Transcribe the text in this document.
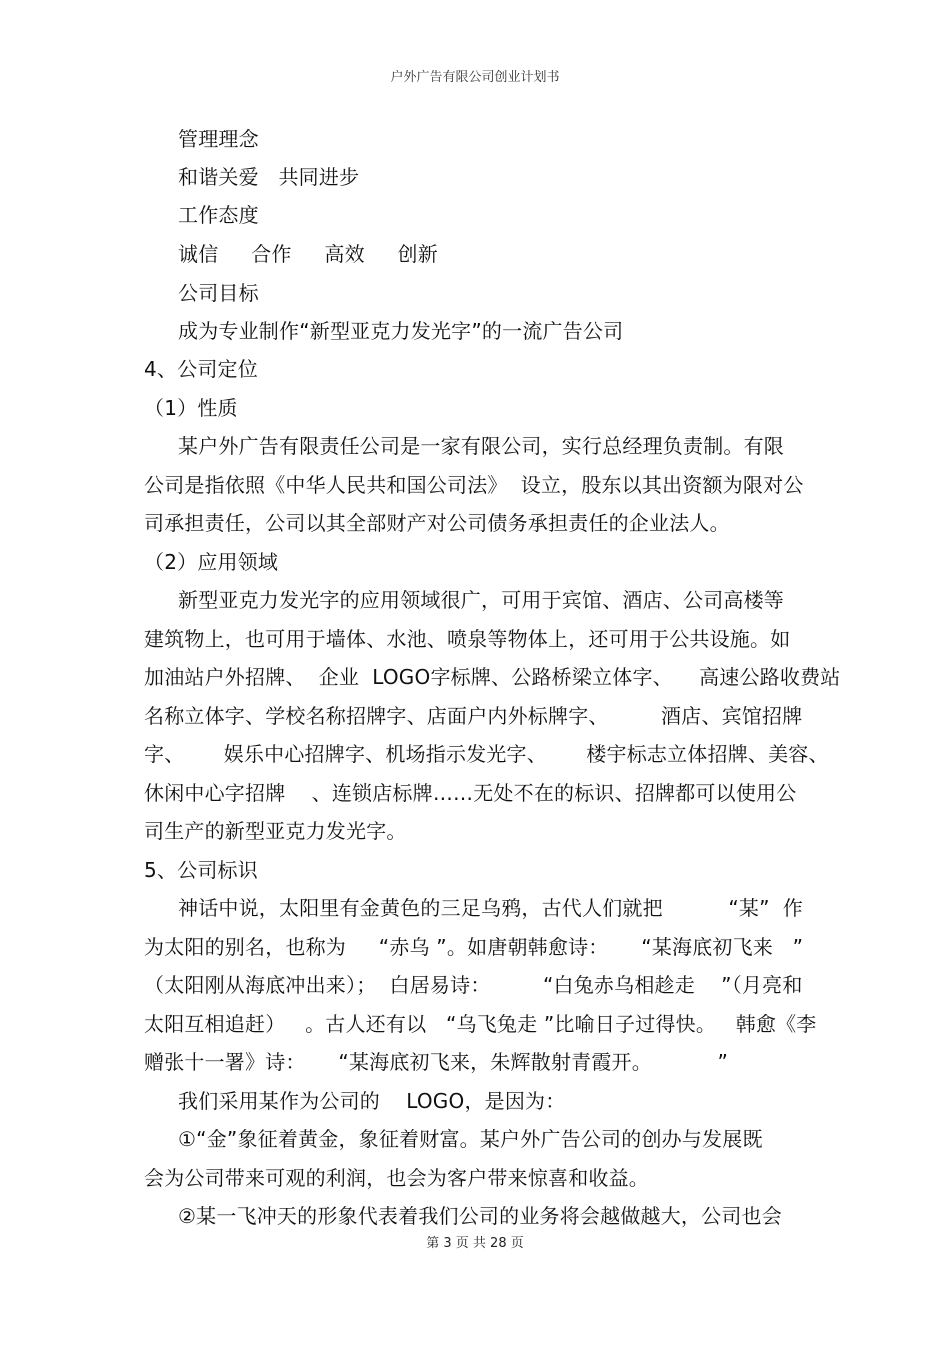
户外广告有限公司创业计划书
管理理念
和谐关爱   共同进步
工作态度
诚信     合作     高效     创新
公司目标
成为专业制作“新型亚克力发光字”的一流广告公司
4、公司定位
（1）性质
某户外广告有限责任公司是一家有限公司，实行总经理负责制。有限
公司是指依照《中华人民共和国公司法》  设立，股东以其出资额为限对公
司承担责任，公司以其全部财产对公司债务承担责任的企业法人。
（2）应用领域
新型亚克力发光字的应用领域很广，可用于宾馆、酒店、公司高楼等
建筑物上，也可用于墙体、水池、喷泉等物体上，还可用于公共设施。如
加油站户外招牌、  企业  LOGO字标牌、公路桥梁立体字、    高速公路收费站
名称立体字、学校名称招牌字、店面户内外标牌字、        酒店、宾馆招牌
字、      娱乐中心招牌字、机场指示发光字、      楼宇标志立体招牌、美容、
休闲中心字招牌    、连锁店标牌……无处不在的标识、招牌都可以使用公
司生产的新型亚克力发光字。
5、公司标识
神话中说，太阳里有金黄色的三足乌鸦，古代人们就把          “某”  作
为太阳的别名，也称为     “赤乌 ”。如唐朝韩愈诗：     “某海底初飞来   ”
（太阳刚从海底冲出来）；  白居易诗：        “白兔赤乌相趁走    ”（月亮和
太阳互相追赶）   。古人还有以   “乌飞兔走 ”比喻日子过得快。   韩愈《李
赠张十一署》诗：     “某海底初飞来，朱辉散射青霞开。          ”
我们采用某作为公司的    LOGO，是因为：
①“金”象征着黄金，象征着财富。某户外广告公司的创办与发展既
会为公司带来可观的利润，也会为客户带来惊喜和收益。
②某一飞冲天的形象代表着我们公司的业务将会越做越大，公司也会
第 3 页 共 28 页
